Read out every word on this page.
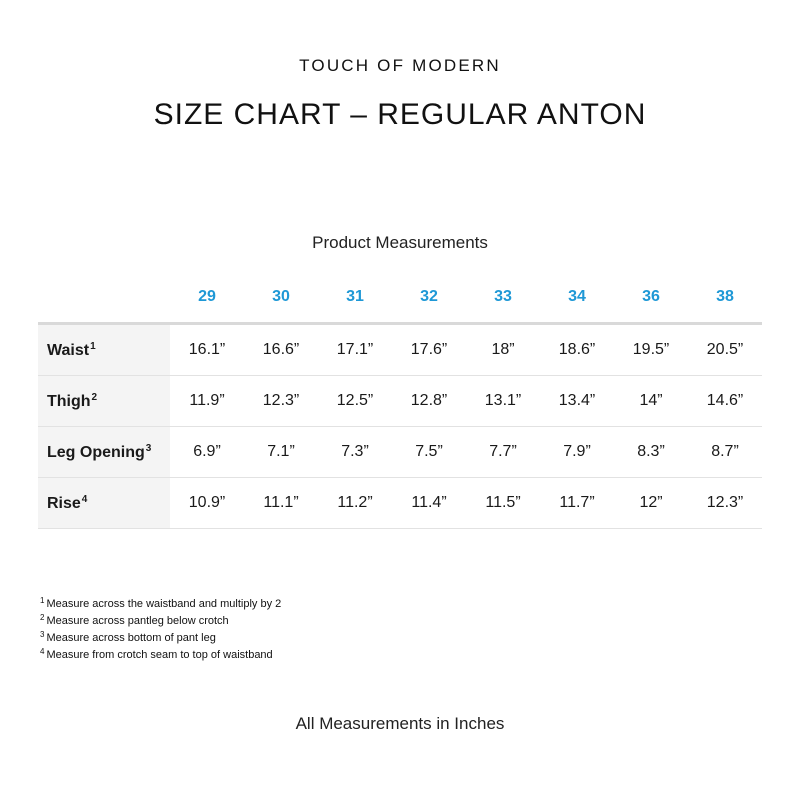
TOUCH OF MODERN
SIZE CHART – REGULAR ANTON
Product Measurements
	29	30	31	32	33	34	36	38
Waist$^1$	16.1”	16.6”	17.1”	17.6”	18”	18.6”	19.5”	20.5”
Thigh$^2$	11.9”	12.3”	12.5”	12.8”	13.1”	13.4”	14”	14.6”
Leg Opening$^3$	6.9”	7.1”	7.3”	7.5”	7.7”	7.9”	8.3”	8.7”
Rise$^4$	10.9”	11.1”	11.2”	11.4”	11.5”	11.7”	12”	12.3”
$^1$ Measure across the waistband and multiply by 2
$^2$ Measure across pantleg below crotch
$^3$ Measure across bottom of pant leg
$^4$ Measure from crotch seam to top of waistband
All Measurements in Inches
